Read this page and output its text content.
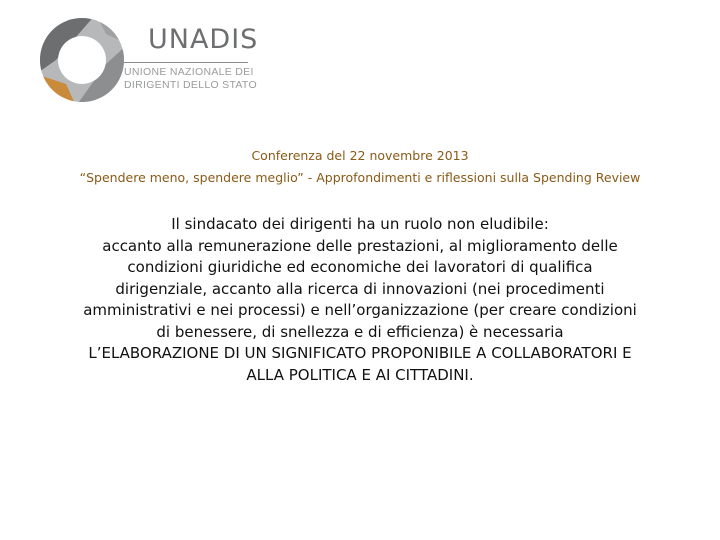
UNADIS
UNIONE NAZIONALE DEI
DIRIGENTI DELLO STATO
Conferenza del 22 novembre 2013
“Spendere meno, spendere meglio” - Approfondimenti e riflessioni sulla Spending Review
Il sindacato dei dirigenti ha un ruolo non eludibile:
accanto alla remunerazione delle prestazioni, al miglioramento delle
condizioni giuridiche ed economiche dei lavoratori di qualifica
dirigenziale, accanto alla ricerca di innovazioni (nei procedimenti
amministrativi e nei processi) e nell’organizzazione (per creare condizioni
di benessere, di snellezza e di efficienza) è necessaria
L’ELABORAZIONE DI UN SIGNIFICATO PROPONIBILE A COLLABORATORI E
ALLA POLITICA E AI CITTADINI.
